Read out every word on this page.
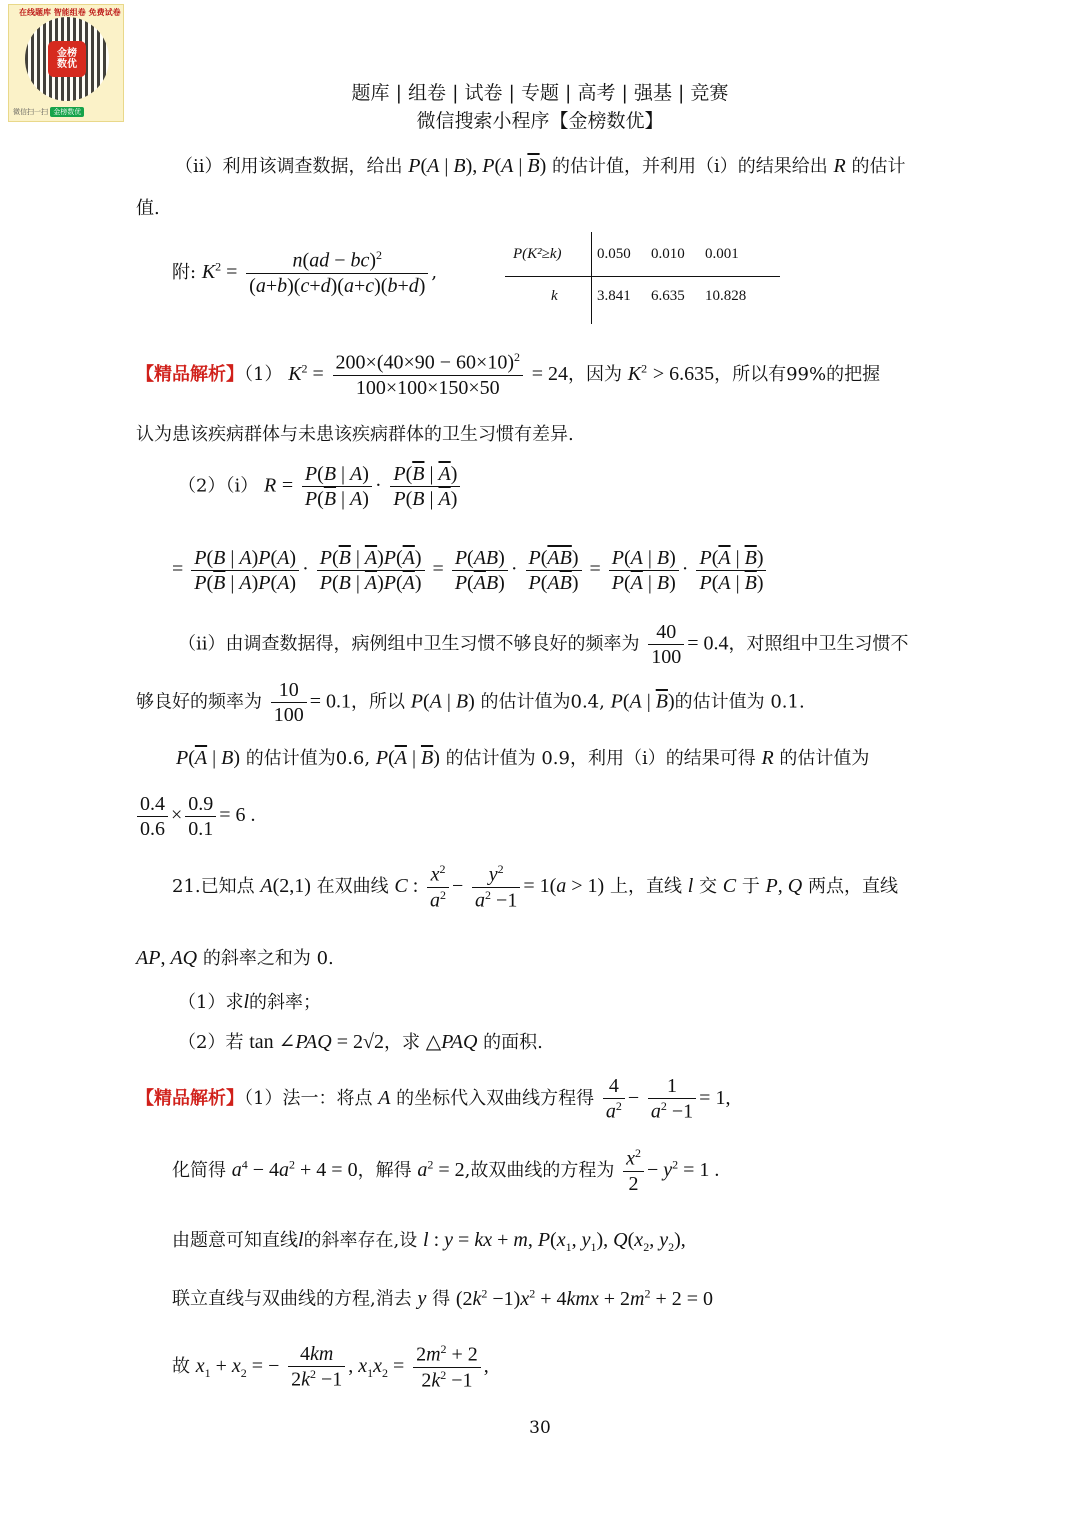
在线题库 智能组卷 免费试卷
金榜
数优
微信扫一扫 金榜数优
题库 | 组卷 | 试卷 | 专题 | 高考 | 强基 | 竞赛
微信搜索小程序【金榜数优】
（ii）利用该调查数据，给出 P(A | B), P(A | $\overline{B}$) 的估计值，并利用（i）的结果给出 R 的估计
值.
附: $K^2 = \frac{n(ad - bc)^2}{(a+b)(c+d)(a+c)(b+d)}$ ,
P(K²≥k) 0.050 0.010 0.001
k	3.841 6.635 10.828
【精品解析】（1） $K^2 = \frac{200\times(40\times 90 - 60\times 10)^2}{100\times 100\times 150\times 50} = 24$，因为 $K^2 > 6.635$，所以有99%的把握
认为患该疾病群体与未患该疾病群体的卫生习惯有差异.
（2）（i） $R = \frac{P(B | A)}{P(\overline{B} | A)} \cdot \frac{P(\overline{B} | \overline{A})}{P(B | \overline{A})}$
= $\frac{P(B | A)P(A)}{P(\overline{B} | A)P(A)} \cdot \frac{P(\overline{B} | \overline{A})P(\overline{A})}{P(B | \overline{A})P(\overline{A})} = \frac{P(AB)}{P(\overline{A}B)} \cdot \frac{P(\overline{AB})}{P(A\overline{B})} = \frac{P(A | B)}{P(\overline{A} | B)} \cdot \frac{P(\overline{A} | \overline{B})}{P(A | \overline{B})}$
（ii）由调查数据得，病例组中卫生习惯不够良好的频率为 $\frac{40}{100} = 0.4$，对照组中卫生习惯不
够良好的频率为 $\frac{10}{100} = 0.1$，所以 P(A | B) 的估计值为0.4, P(A | $\overline{B}$)的估计值为 0.1.
$P(\overline{A}$ | B) 的估计值为0.6, $P(\overline{A}$ | $\overline{B}$) 的估计值为 0.9，利用（i）的结果可得 R 的估计值为
$\frac{0.4}{0.6} \times \frac{0.9}{0.1} = 6$ .
21.已知点 A(2,1) 在双曲线 C : $\frac{x^2}{a^2} - \frac{y^2}{a^2 -1} = 1(a > 1)$ 上，直线 l 交 C 于 P, Q 两点，直线
AP, AQ 的斜率之和为 0.
（1）求l的斜率；
（2）若 tan ∠PAQ = 2√2，求 △PAQ 的面积.
【精品解析】（1）法一：将点 A 的坐标代入双曲线方程得 $\frac{4}{a^2} - \frac{1}{a^2 -1} = 1$,
化简得 $a^4 - 4a^2 + 4 = 0$，解得 $a^2 = 2$,故双曲线的方程为 $\frac{x^2}{2} - y^2 = 1$ .
由题意可知直线l的斜率存在,设 l : y = kx + m, $P(x_1$, $y_1$), $Q(x_2$, $y_2$),
联立直线与双曲线的方程,消去 y 得 $(2k^2 -1)x^2 + 4kmx + 2m^2 + 2 = 0$
故 $x_1 + x_2$ = − $\frac{4km}{2k^2 -1}$ , $x_1x_2 = \frac{2m^2 + 2}{2k^2 -1}$ ,
30
